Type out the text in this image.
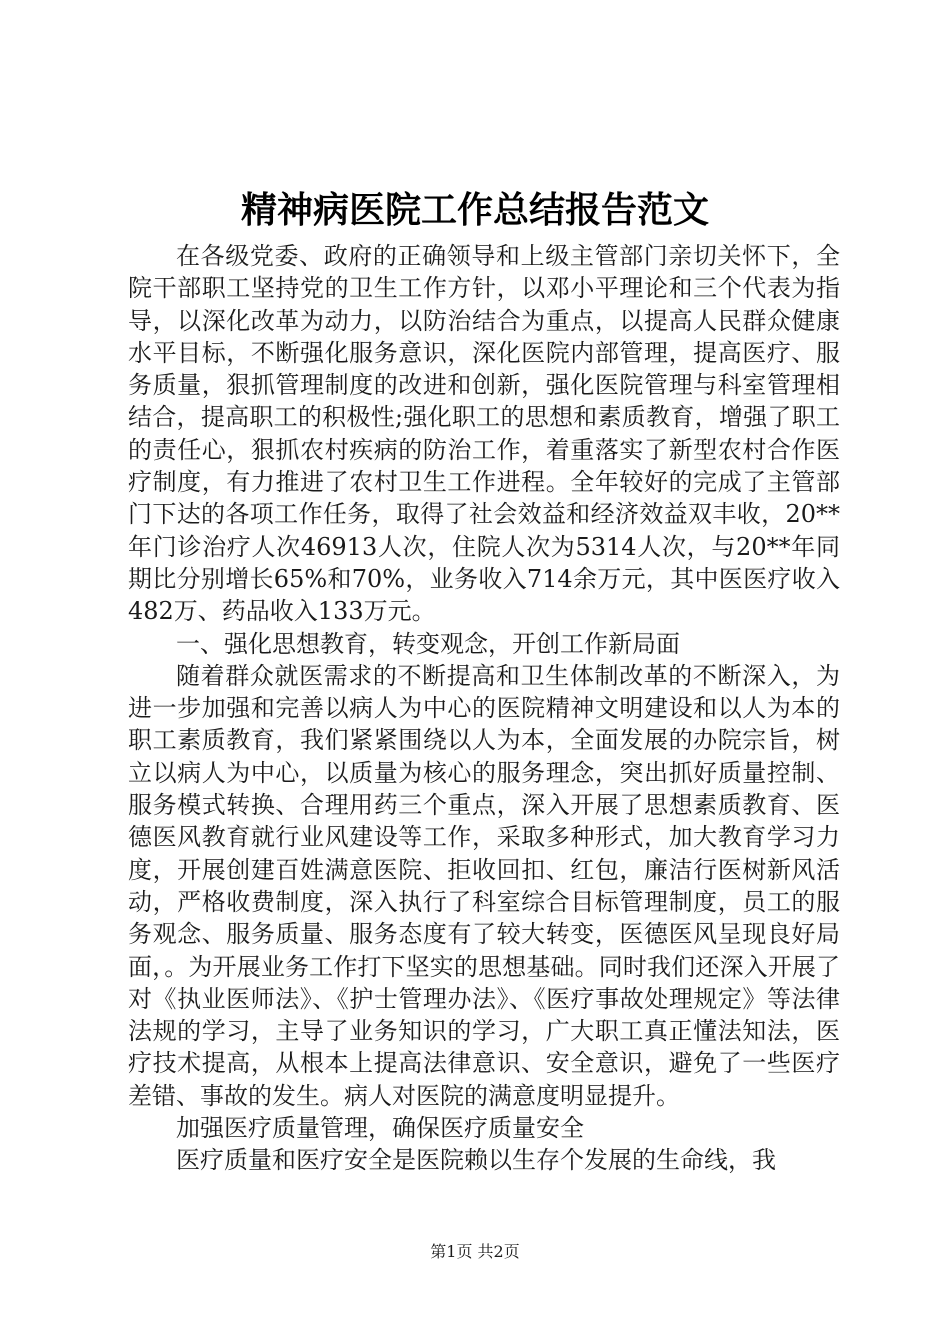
精神病医院工作总结报告范文

在各级党委、政府的正确领导和上级主管部门亲切关怀下，全院干部职工坚持党的卫生工作方针，以邓小平理论和三个代表为指导，以深化改革为动力，以防治结合为重点，以提高人民群众健康水平目标，不断强化服务意识，深化医院内部管理，提高医疗、服务质量，狠抓管理制度的改进和创新，强化医院管理与科室管理相结合，提高职工的积极性;强化职工的思想和素质教育，增强了职工的责任心，狠抓农村疾病的防治工作，着重落实了新型农村合作医疗制度，有力推进了农村卫生工作进程。全年较好的完成了主管部门下达的各项工作任务，取得了社会效益和经济效益双丰收，20**年门诊治疗人次46913人次，住院人次为5314人次，与20**年同期比分别增长65%和70%，业务收入714余万元，其中医医疗收入482万、药品收入133万元。

一、强化思想教育，转变观念，开创工作新局面

随着群众就医需求的不断提高和卫生体制改革的不断深入，为进一步加强和完善以病人为中心的医院精神文明建设和以人为本的职工素质教育，我们紧紧围绕以人为本，全面发展的办院宗旨，树立以病人为中心，以质量为核心的服务理念，突出抓好质量控制、服务模式转换、合理用药三个重点，深入开展了思想素质教育、医德医风教育就行业风建设等工作，采取多种形式，加大教育学习力度，开展创建百姓满意医院、拒收回扣、红包，廉洁行医树新风活动，严格收费制度，深入执行了科室综合目标管理制度，员工的服务观念、服务质量、服务态度有了较大转变，医德医风呈现良好局面，。为开展业务工作打下坚实的思想基础。同时我们还深入开展了对《执业医师法》、《护士管理办法》、《医疗事故处理规定》等法律法规的学习，主导了业务知识的学习，广大职工真正懂法知法，医疗技术提高，从根本上提高法律意识、安全意识，避免了一些医疗差错、事故的发生。病人对医院的满意度明显提升。

加强医疗质量管理，确保医疗质量安全

医疗质量和医疗安全是医院赖以生存个发展的生命线，我

第1页 共2页
